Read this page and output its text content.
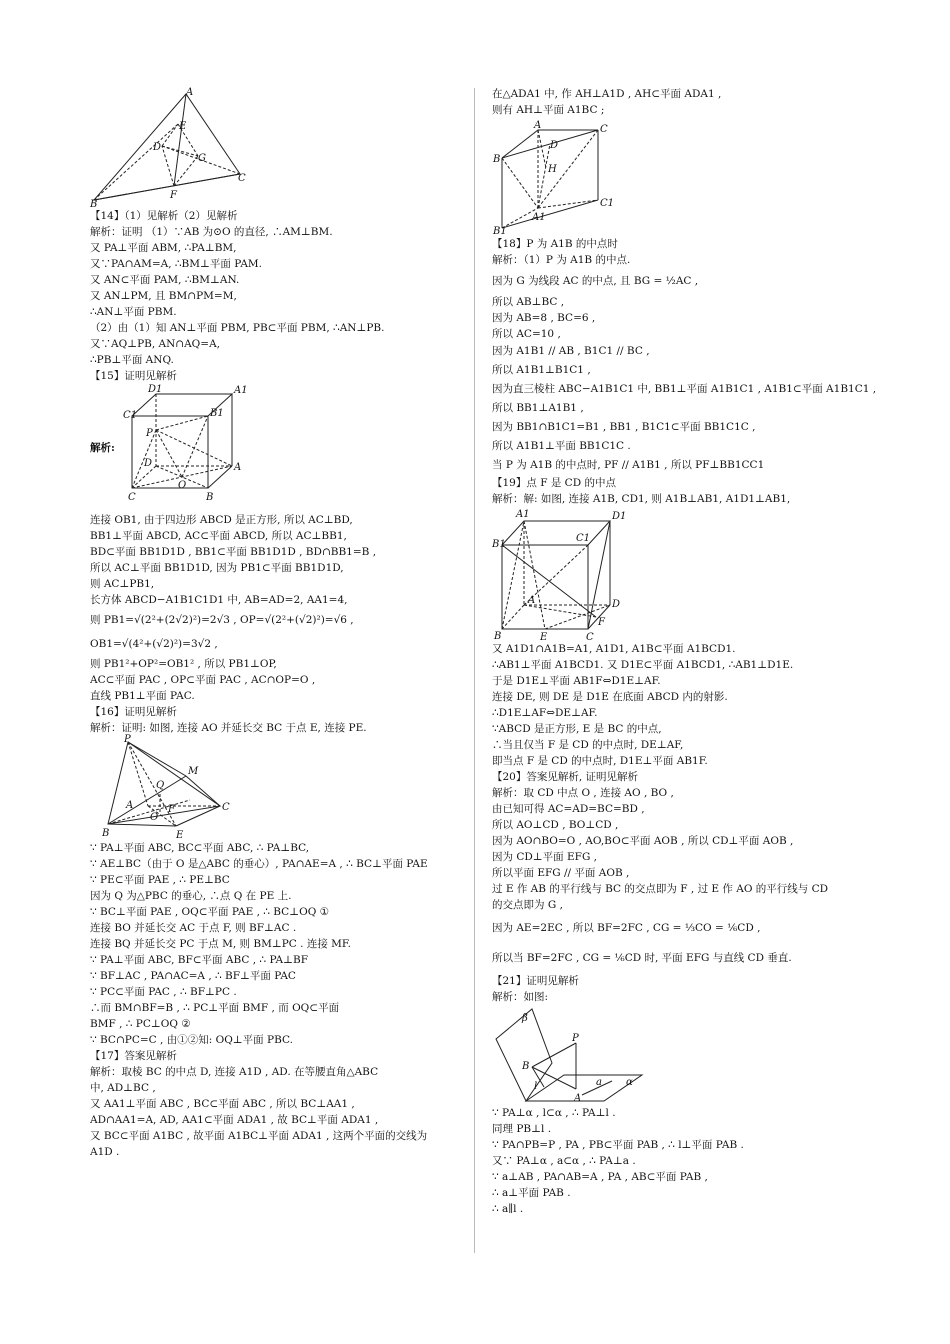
A
E
D
G
B
F
C
【14】（1）见解析（2）见解析
解析：证明 （1）∵AB 为⊙O 的直径, ∴AM⊥BM.
又 PA⊥平面 ABM, ∴PA⊥BM,
又∵PA∩AM=A, ∴BM⊥平面 PAM.
又 AN⊂平面 PAM, ∴BM⊥AN.
又 AN⊥PM, 且 BM∩PM=M,
∴AN⊥平面 PBM.
（2）由（1）知 AN⊥平面 PBM, PB⊂平面 PBM, ∴AN⊥PB.
又∵AQ⊥PB, AN∩AQ=A,
∴PB⊥平面 ANQ.
【15】证明见解析
解析:
D1	A1
C1	B1
P
D	A
O
C	B
连接 OB1, 由于四边形 ABCD 是正方形, 所以 AC⊥BD,
BB1⊥平面 ABCD, AC⊂平面 ABCD, 所以 AC⊥BB1,
BD⊂平面 BB1D1D , BB1⊂平面 BB1D1D , BD∩BB1=B ,
所以 AC⊥平面 BB1D1D, 因为 PB1⊂平面 BB1D1D,
则 AC⊥PB1,
长方体 ABCD−A1B1C1D1 中, AB=AD=2, AA1=4,
则 PB1=√(2²+(2√2)²)=2√3 , OP=√(2²+(√2)²)=√6 ,
OB1=√(4²+(√2)²)=3√2 ,
则 PB1²+OP²=OB1² , 所以 PB1⊥OP,
AC⊂平面 PAC , OP⊂平面 PAC , AC∩OP=O ,
直线 PB1⊥平面 PAC.
【16】证明见解析
解析：证明: 如图, 连接 AO 并延长交 BC 于点 E, 连接 PE.
P
M
Q
A
O
F
B	E
C
∵ PA⊥平面 ABC, BC⊂平面 ABC, ∴ PA⊥BC,
∵ AE⊥BC（由于 O 是△ABC 的垂心）, PA∩AE=A , ∴ BC⊥平面 PAE
∵ PE⊂平面 PAE , ∴ PE⊥BC
因为 Q 为△PBC 的垂心, ∴点 Q 在 PE 上.
∵ BC⊥平面 PAE , OQ⊂平面 PAE , ∴ BC⊥OQ ①
连接 BO 并延长交 AC 于点 F, 则 BF⊥AC .
连接 BQ 并延长交 PC 于点 M, 则 BM⊥PC . 连接 MF.
∵ PA⊥平面 ABC, BF⊂平面 ABC , ∴ PA⊥BF
∵ BF⊥AC , PA∩AC=A , ∴ BF⊥平面 PAC
∵ PC⊂平面 PAC , ∴ BF⊥PC .
∴而 BM∩BF=B , ∴ PC⊥平面 BMF , 而 OQ⊂平面
BMF , ∴ PC⊥OQ ②
∵ BC∩PC=C , 由①②知: OQ⊥平面 PBC.
【17】答案见解析
解析：取棱 BC 的中点 D, 连接 A1D , AD. 在等腰直角△ABC
中, AD⊥BC ,
又 AA1⊥平面 ABC , BC⊂平面 ABC , 所以 BC⊥AA1 ,
AD∩AA1=A, AD, AA1⊂平面 ADA1 , 故 BC⊥平面 ADA1 ,
又 BC⊂平面 A1BC , 故平面 A1BC⊥平面 ADA1 , 这两个平面的交线为
A1D .
在△ADA1 中, 作 AH⊥A1D , AH⊂平面 ADA1 ,
则有 AH⊥平面 A1BC ;
A
D
B
H
C
B1
A1
C1
【18】P 为 A1B 的中点时
解析：（1）P 为 A1B 的中点.
因为 G 为线段 AC 的中点, 且 BG = ½AC ,
所以 AB⊥BC ,
因为 AB=8 , BC=6 ,
所以 AC=10 ,
因为 A1B1 // AB , B1C1 // BC ,
所以 A1B1⊥B1C1 ,
因为直三棱柱 ABC−A1B1C1 中, BB1⊥平面 A1B1C1 , A1B1⊂平面 A1B1C1 ,
所以 BB1⊥A1B1 ,
因为 BB1∩B1C1=B1 , BB1 , B1C1⊂平面 BB1C1C ,
所以 A1B1⊥平面 BB1C1C .
当 P 为 A1B 的中点时, PF // A1B1 , 所以 PF⊥BB1CC1
【19】点 F 是 CD 的中点
解析：解: 如图, 连接 A1B, CD1, 则 A1B⊥AB1, A1D1⊥AB1,
A1	D1
B1
C1
A	D
B	E
F
C
又 A1D1∩A1B=A1, A1D1, A1B⊂平面 A1BCD1.
∴AB1⊥平面 A1BCD1. 又 D1E⊂平面 A1BCD1, ∴AB1⊥D1E.
于是 D1E⊥平面 AB1F⇔D1E⊥AF.
连接 DE, 则 DE 是 D1E 在底面 ABCD 内的射影.
∴D1E⊥AF⇔DE⊥AF.
∵ABCD 是正方形, E 是 BC 的中点,
∴当且仅当 F 是 CD 的中点时, DE⊥AF,
即当点 F 是 CD 的中点时, D1E⊥平面 AB1F.
【20】答案见解析, 证明见解析
解析：取 CD 中点 O , 连接 AO , BO ,
由已知可得 AC=AD=BC=BD ,
所以 AO⊥CD , BO⊥CD ,
因为 AO∩BO=O , AO,BO⊂平面 AOB , 所以 CD⊥平面 AOB ,
因为 CD⊥平面 EFG ,
所以平面 EFG // 平面 AOB ,
过 E 作 AB 的平行线与 BC 的交点即为 F , 过 E 作 AO 的平行线与 CD
的交点即为 G ,
因为 AE=2EC , 所以 BF=2FC , CG = ⅓CO = ⅙CD ,
所以当 BF=2FC , CG = ⅙CD 时, 平面 EFG 与直线 CD 垂直.
【21】证明见解析
解析：如图:
β
P
B
l
A
a α
∵ PA⊥α , l⊂α , ∴ PA⊥l .
同理 PB⊥l .
∵ PA∩PB=P , PA , PB⊂平面 PAB , ∴ l⊥平面 PAB .
又∵ PA⊥α , a⊂α , ∴ PA⊥a .
∵ a⊥AB , PA∩AB=A , PA , AB⊂平面 PAB ,
∴ a⊥平面 PAB .
∴ a∥l .
